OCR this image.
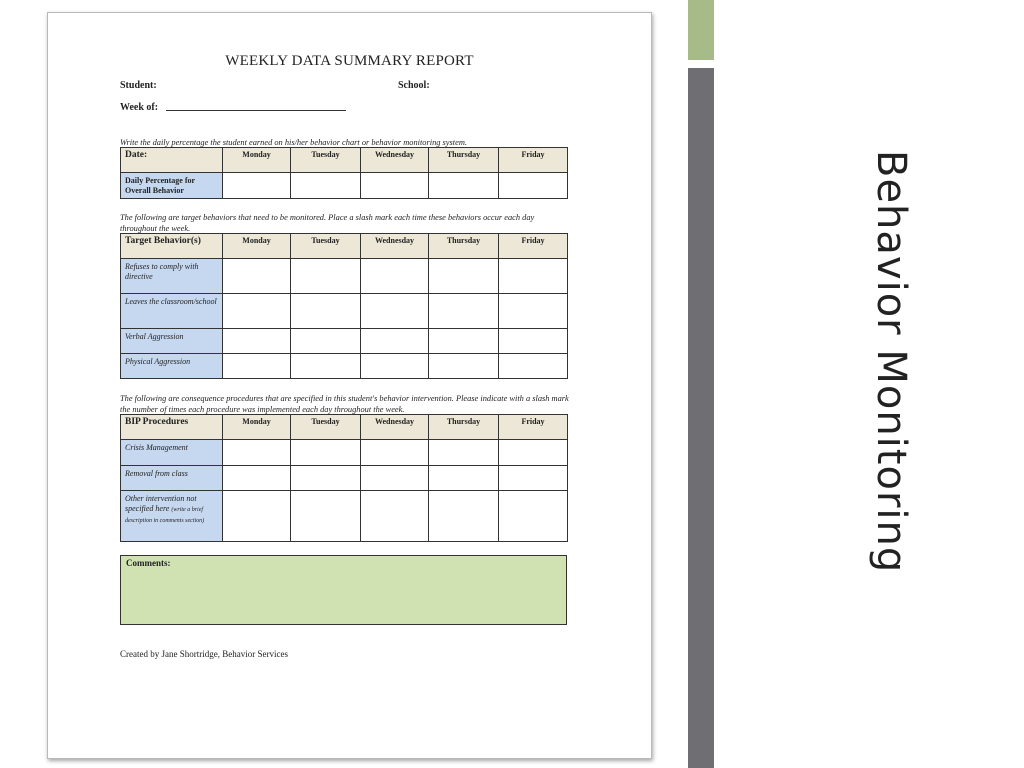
Behavior Monitoring
WEEKLY DATA SUMMARY REPORT
Student:	School:
Week of:
Write the daily percentage the student earned on his/her behavior chart or behavior monitoring system.
Date:	Monday	Tuesday	Wednesday	Thursday	Friday
Daily Percentage for Overall Behavior					
The following are target behaviors that need to be monitored. Place a slash mark each time these behaviors occur each day throughout the week.
Target Behavior(s)	Monday	Tuesday	Wednesday	Thursday	Friday
Refuses to comply with directive					
Leaves the classroom/school					
Verbal Aggression					
Physical Aggression					
The following are consequence procedures that are specified in this student's behavior intervention. Please indicate with a slash mark the number of times each procedure was implemented each day throughout the week.
BIP Procedures	Monday	Tuesday	Wednesday	Thursday	Friday
Crisis Management					
Removal from class					
Other intervention not specified here (write a brief description in comments section)					
Comments:
Created by Jane Shortridge, Behavior Services
